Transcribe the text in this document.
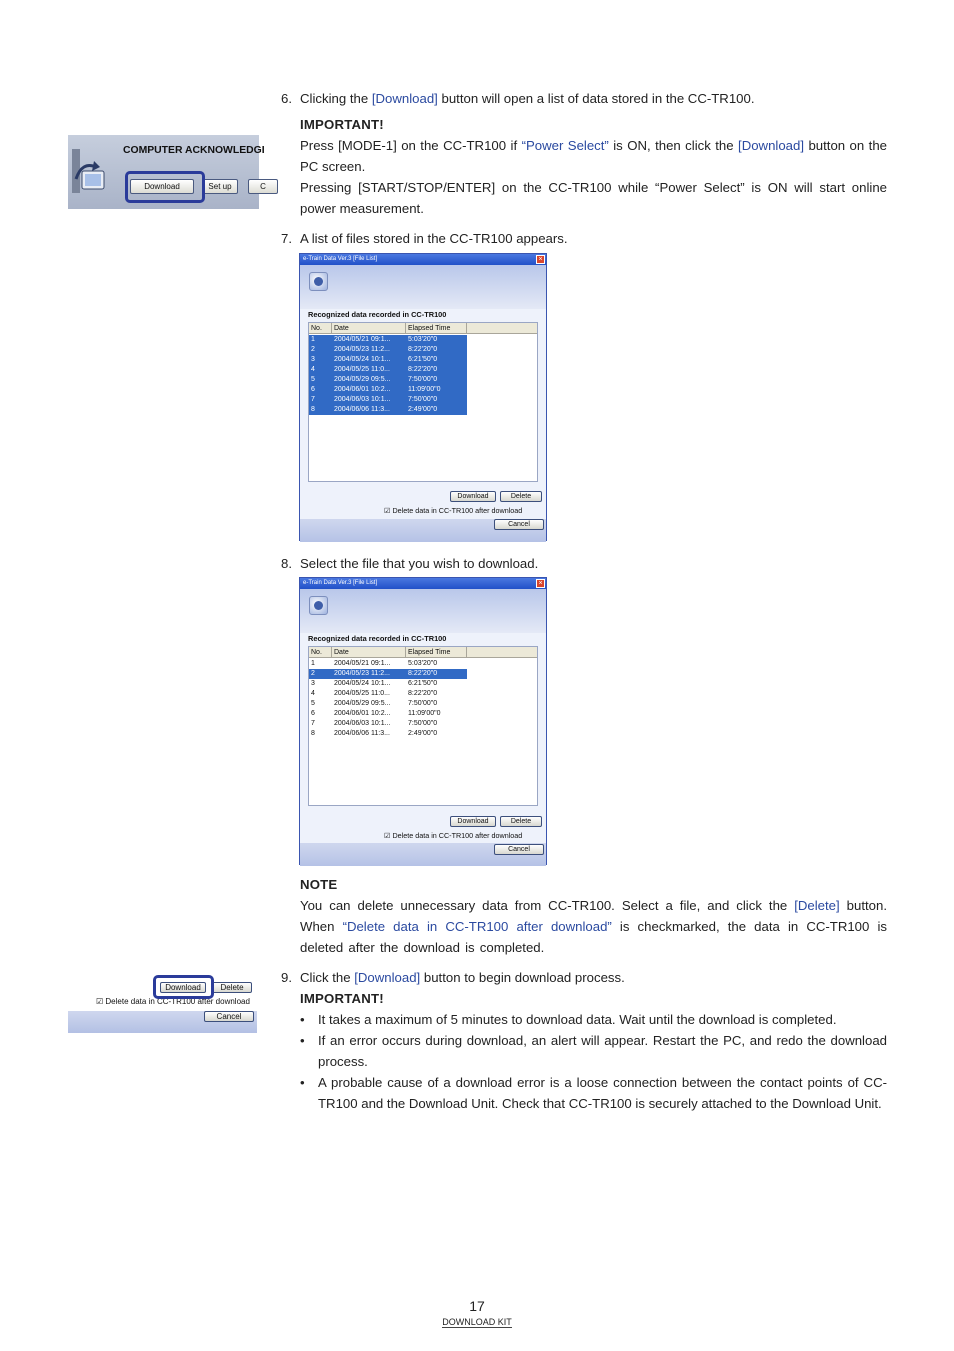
COMPUTER ACKNOWLEDGI
Download	Set up	C
6. Clicking the [Download] button will open a list of data stored in the CC-TR100.
IMPORTANT!
Press [MODE-1] on the CC-TR100 if “Power Select” is ON, then click the [Download] button on the PC screen.
Pressing [START/STOP/ENTER] on the CC-TR100 while “Power Select” is ON will start online power measurement.
7. A list of files stored in the CC-TR100 appears.
e-Train Data Ver.3 [File List]	×
Recognized data recorded in CC-TR100
No.	Date	Elapsed Time
1	2004/05/21 09:1...	5:03'20"0
2	2004/05/23 11:2...	8:22'20"0
3	2004/05/24 10:1...	6:21'50"0
4	2004/05/25 11:0...	8:22'20"0
5	2004/05/29 09:5...	7:50'00"0
6	2004/06/01 10:2...	11:09'00"0
7	2004/06/03 10:1...	7:50'00"0
8	2004/06/06 11:3...	2:49'00"0
Download	Delete
☑ Delete data in CC-TR100 after download
Cancel
8. Select the file that you wish to download.
e-Train Data Ver.3 [File List]	×
Recognized data recorded in CC-TR100
No.	Date	Elapsed Time
1	2004/05/21 09:1...	5:03'20"0
2	2004/05/23 11:2...	8:22'20"0
3	2004/05/24 10:1...	6:21'50"0
4	2004/05/25 11:0...	8:22'20"0
5	2004/05/29 09:5...	7:50'00"0
6	2004/06/01 10:2...	11:09'00"0
7	2004/06/03 10:1...	7:50'00"0
8	2004/06/06 11:3...	2:49'00"0
Download	Delete
☑ Delete data in CC-TR100 after download
Cancel
NOTE
You can delete unnecessary data from CC-TR100. Select a file, and click the [Delete] button. When “Delete data in CC-TR100 after download” is checkmarked, the data in CC-TR100 is deleted after the download is completed.
Download	Delete
☑ Delete data in CC-TR100 after download
Cancel
9. Click the [Download] button to begin download process.
IMPORTANT!
• It takes a maximum of 5 minutes to download data. Wait until the download is completed.
• If an error occurs during download, an alert will appear. Restart the PC, and redo the download process.
• A probable cause of a download error is a loose connection between the contact points of CC-TR100 and the Download Unit. Check that CC-TR100 is securely attached to the Download Unit.
17
DOWNLOAD KIT
